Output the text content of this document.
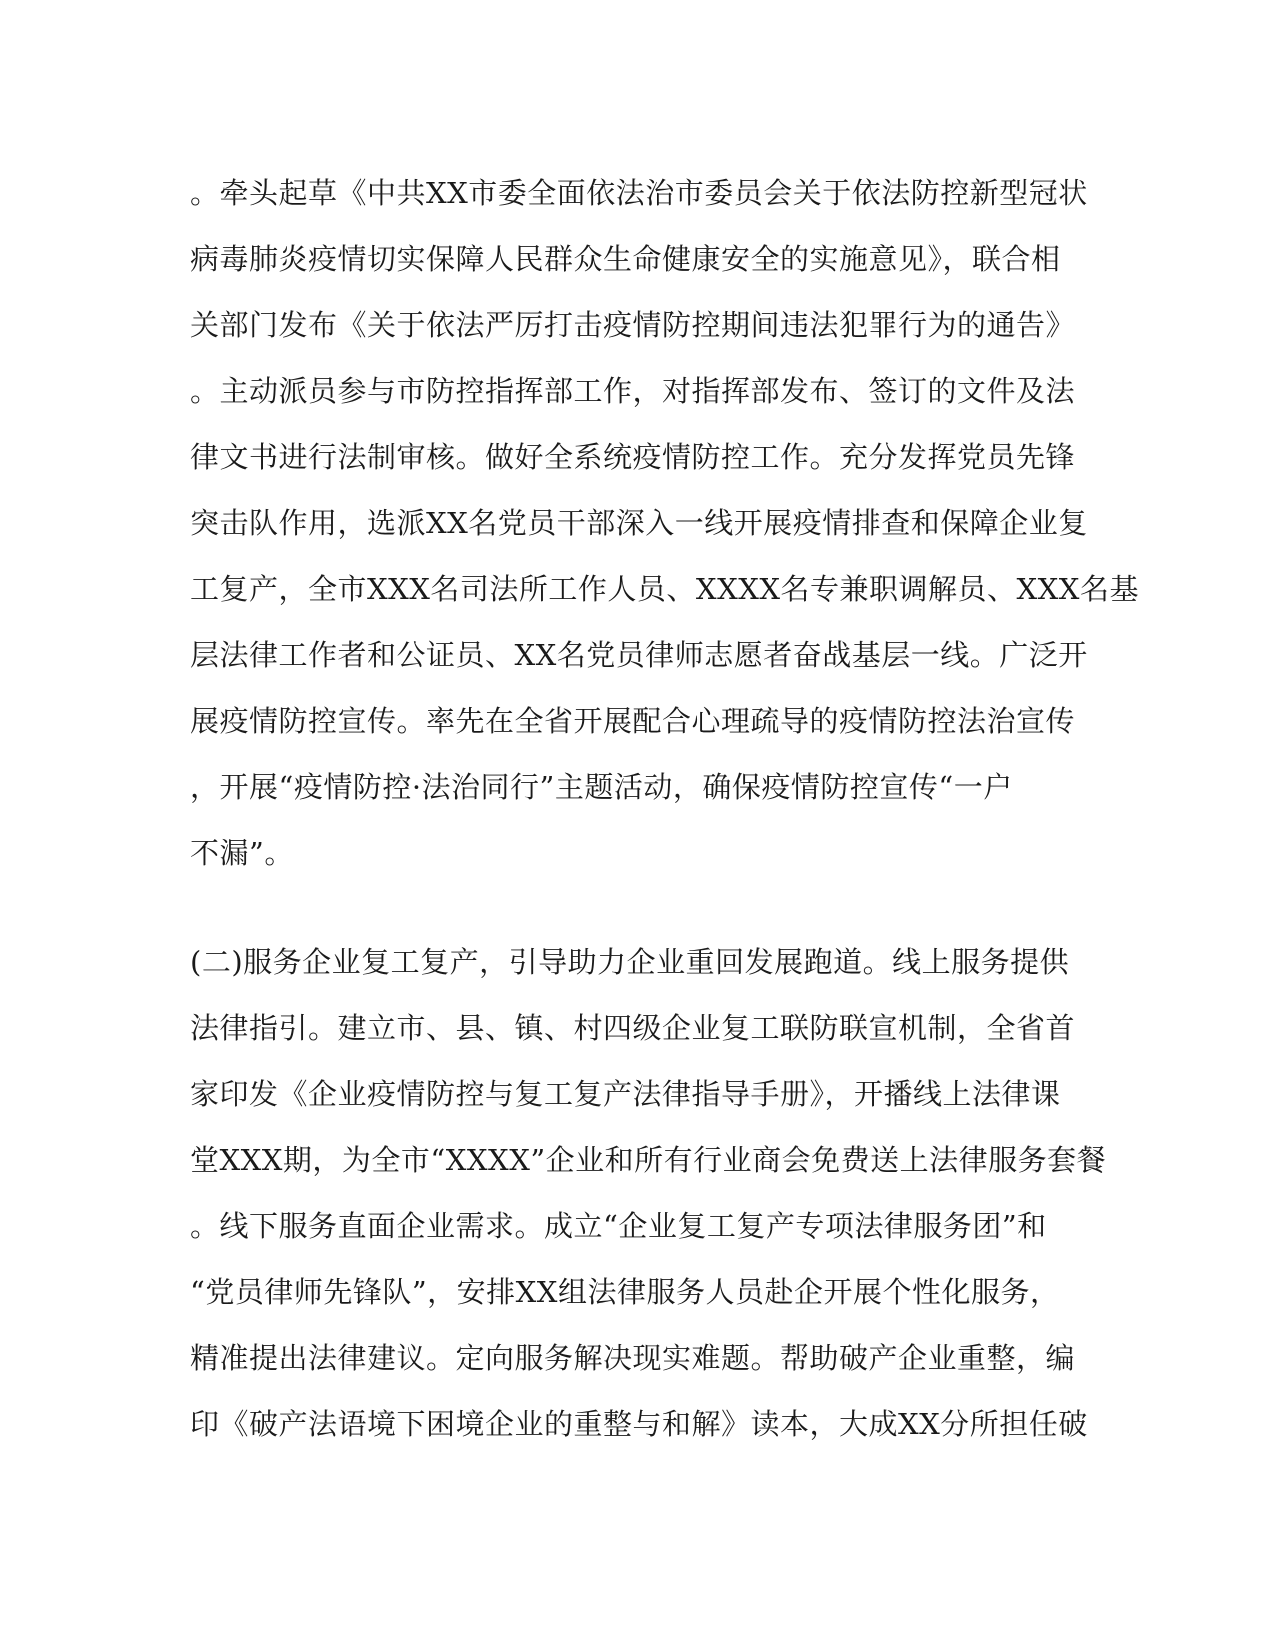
。牵头起草《中共XX市委全面依法治市委员会关于依法防控新型冠状
病毒肺炎疫情切实保障人民群众生命健康安全的实施意见》，联合相
关部门发布《关于依法严厉打击疫情防控期间违法犯罪行为的通告》
。主动派员参与市防控指挥部工作，对指挥部发布、签订的文件及法
律文书进行法制审核。做好全系统疫情防控工作。充分发挥党员先锋
突击队作用，选派XX名党员干部深入一线开展疫情排查和保障企业复
工复产，全市XXX名司法所工作人员、XXXX名专兼职调解员、XXX名基
层法律工作者和公证员、XX名党员律师志愿者奋战基层一线。广泛开
展疫情防控宣传。率先在全省开展配合心理疏导的疫情防控法治宣传
，开展“疫情防控·法治同行”主题活动，确保疫情防控宣传“一户
不漏”。
(二)服务企业复工复产，引导助力企业重回发展跑道。线上服务提供
法律指引。建立市、县、镇、村四级企业复工联防联宣机制，全省首
家印发《企业疫情防控与复工复产法律指导手册》，开播线上法律课
堂XXX期，为全市“XXXX”企业和所有行业商会免费送上法律服务套餐
。线下服务直面企业需求。成立“企业复工复产专项法律服务团”和
“党员律师先锋队”，安排XX组法律服务人员赴企开展个性化服务，
精准提出法律建议。定向服务解决现实难题。帮助破产企业重整，编
印《破产法语境下困境企业的重整与和解》读本，大成XX分所担任破
